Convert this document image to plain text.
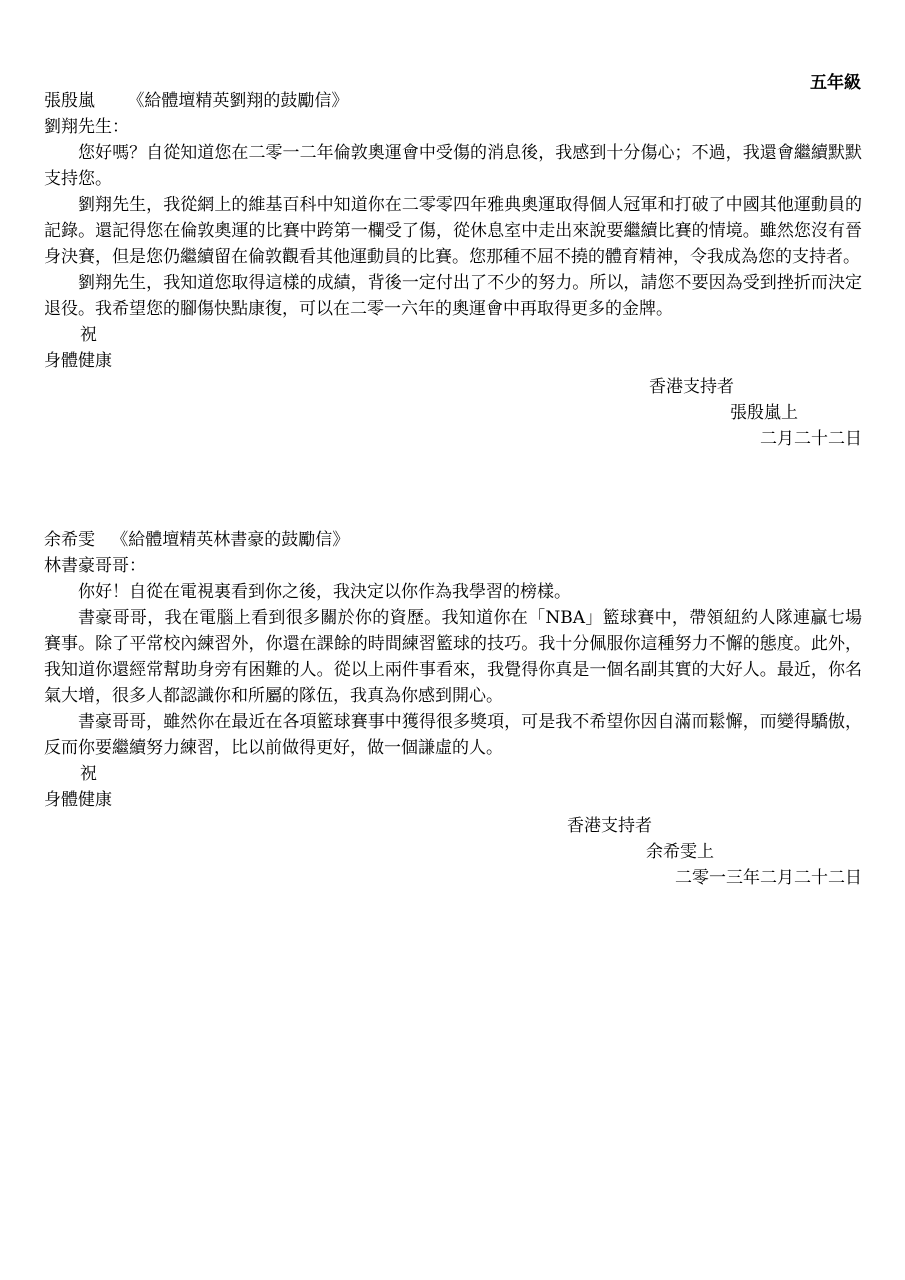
五年級

張殷嵐 《給體壇精英劉翔的鼓勵信》

劉翔先生：

您好嗎？自從知道您在二零一二年倫敦奧運會中受傷的消息後，我感到十分傷心；不過，我還會繼續默默支持您。

劉翔先生，我從網上的維基百科中知道你在二零零四年雅典奧運取得個人冠軍和打破了中國其他運動員的記錄。還記得您在倫敦奧運的比賽中跨第一欄受了傷，從休息室中走出來說要繼續比賽的情境。雖然您沒有晉身決賽，但是您仍繼續留在倫敦觀看其他運動員的比賽。您那種不屈不撓的體育精神，令我成為您的支持者。

劉翔先生，我知道您取得這樣的成績，背後一定付出了不少的努力。所以，請您不要因為受到挫折而決定退役。我希望您的腳傷快點康復，可以在二零一六年的奧運會中再取得更多的金牌。

祝

身體健康

香港支持者

張殷嵐上

二月二十二日

余希雯 《給體壇精英林書豪的鼓勵信》

林書豪哥哥：

你好！自從在電視裏看到你之後，我決定以你作為我學習的榜樣。

書豪哥哥，我在電腦上看到很多關於你的資歷。我知道你在「NBA」籃球賽中，帶領紐約人隊連贏七場賽事。除了平常校內練習外，你還在課餘的時間練習籃球的技巧。我十分佩服你這種努力不懈的態度。此外，我知道你還經常幫助身旁有困難的人。從以上兩件事看來，我覺得你真是一個名副其實的大好人。最近，你名氣大增，很多人都認識你和所屬的隊伍，我真為你感到開心。

書豪哥哥，雖然你在最近在各項籃球賽事中獲得很多獎項，可是我不希望你因自滿而鬆懈，而變得驕傲，反而你要繼續努力練習，比以前做得更好，做一個謙虛的人。

祝

身體健康

香港支持者

余希雯上

二零一三年二月二十二日
